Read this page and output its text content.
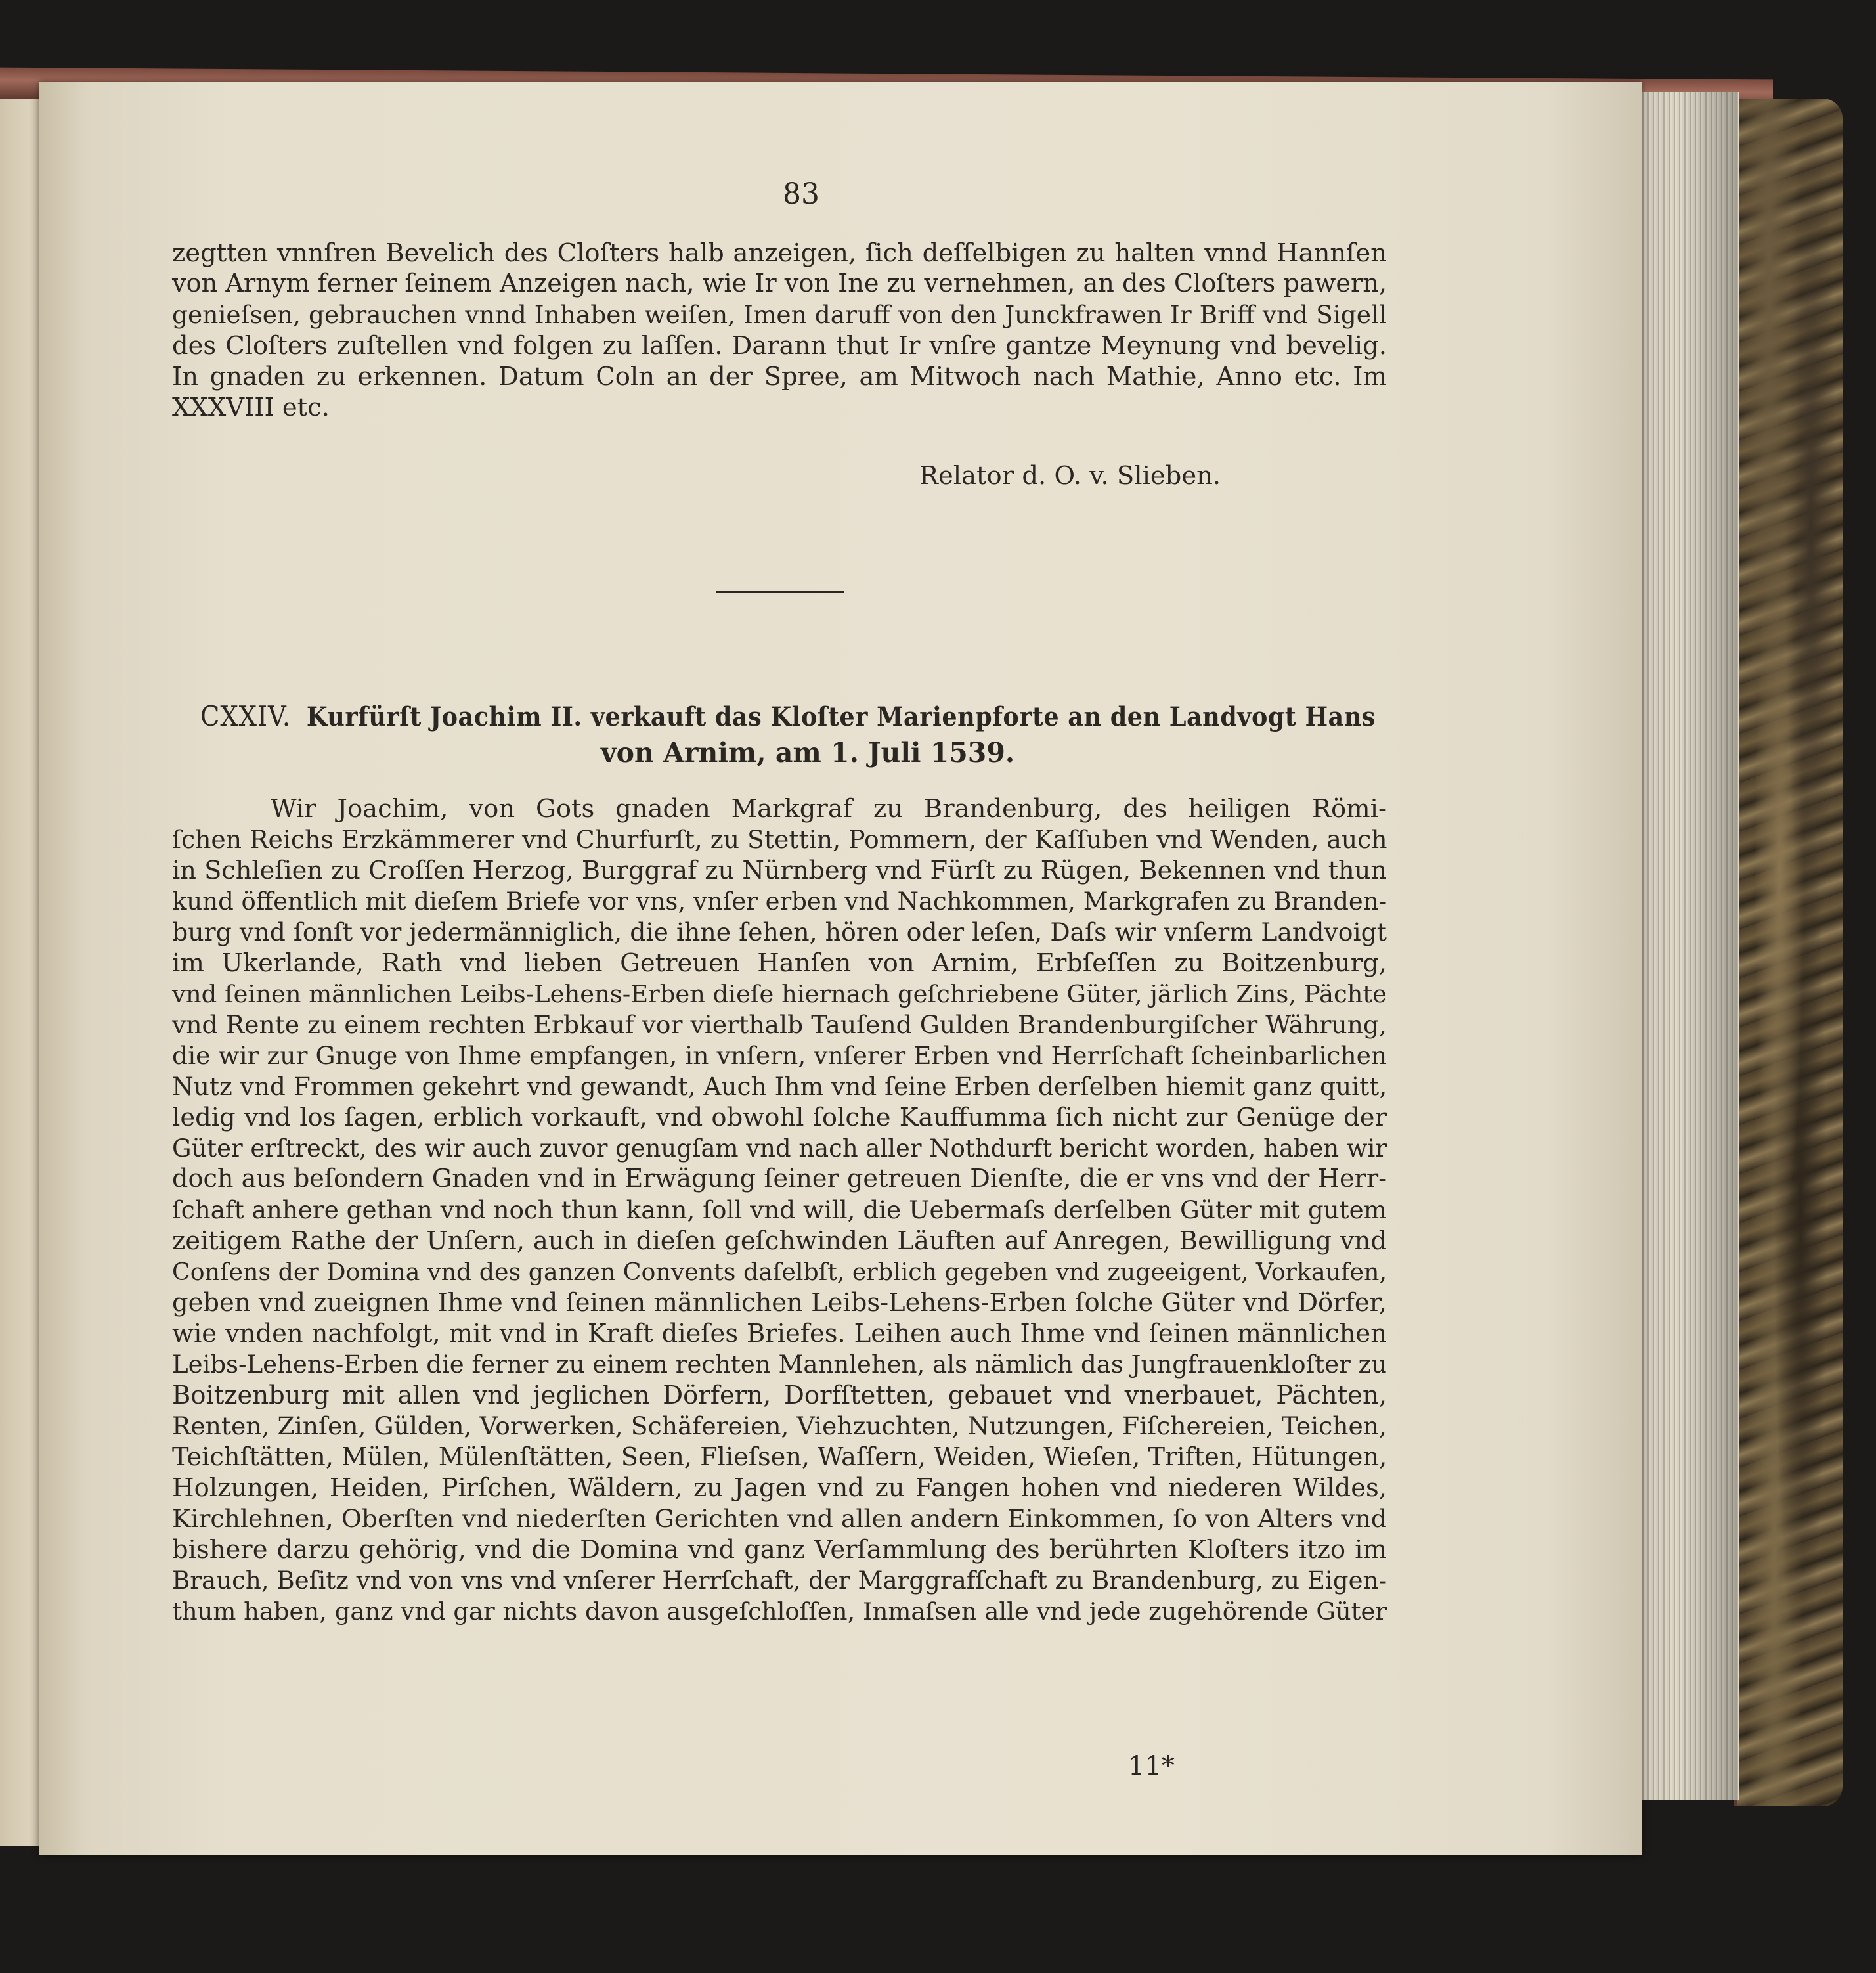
83
zegtten vnnſren Bevelich des Cloſters halb anzeigen, ſich deſſelbigen zu halten vnnd Hannſen
von Arnym ferner ſeinem Anzeigen nach, wie Ir von Ine zu vernehmen, an des Cloſters pawern,
genieſsen, gebrauchen vnnd Inhaben weiſen, Imen daruff von den Junckfrawen Ir Briff vnd Sigell
des Cloſters zuſtellen vnd folgen zu laſſen. Darann thut Ir vnſre gantze Meynung vnd bevelig.
In gnaden zu erkennen. Datum Coln an der Spree, am Mitwoch nach Mathie, Anno etc. Im
XXXVIII etc.
Relator d. O. v. Slieben.
CXXIV. Kurfürſt Joachim II. verkauft das Kloſter Marienpforte an den Landvogt Hans
von Arnim, am 1. Juli 1539.
Wir Joachim, von Gots gnaden Markgraf zu Brandenburg, des heiligen Römi-
ſchen Reichs Erzkämmerer vnd Churfurſt, zu Stettin, Pommern, der Kaſſuben vnd Wenden, auch
in Schleſien zu Croſſen Herzog, Burggraf zu Nürnberg vnd Fürſt zu Rügen, Bekennen vnd thun
kund öffentlich mit dieſem Briefe vor vns, vnſer erben vnd Nachkommen, Markgrafen zu Branden-
burg vnd ſonſt vor jedermänniglich, die ihne ſehen, hören oder leſen, Daſs wir vnſerm Landvoigt
im Ukerlande, Rath vnd lieben Getreuen Hanſen von Arnim, Erbſeſſen zu Boitzenburg,
vnd ſeinen männlichen Leibs-Lehens-Erben dieſe hiernach geſchriebene Güter, järlich Zins, Pächte
vnd Rente zu einem rechten Erbkauf vor vierthalb Tauſend Gulden Brandenburgiſcher Währung,
die wir zur Gnuge von Ihme empfangen, in vnſern, vnſerer Erben vnd Herrſchaft ſcheinbarlichen
Nutz vnd Frommen gekehrt vnd gewandt, Auch Ihm vnd ſeine Erben derſelben hiemit ganz quitt,
ledig vnd los ſagen, erblich vorkauft, vnd obwohl ſolche Kauffumma ſich nicht zur Genüge der
Güter erſtreckt, des wir auch zuvor genugſam vnd nach aller Nothdurft bericht worden, haben wir
doch aus beſondern Gnaden vnd in Erwägung ſeiner getreuen Dienſte, die er vns vnd der Herr-
ſchaft anhere gethan vnd noch thun kann, ſoll vnd will, die Uebermaſs derſelben Güter mit gutem
zeitigem Rathe der Unſern, auch in dieſen geſchwinden Läuften auf Anregen, Bewilligung vnd
Conſens der Domina vnd des ganzen Convents daſelbſt, erblich gegeben vnd zugeeigent, Vorkaufen,
geben vnd zueignen Ihme vnd ſeinen männlichen Leibs-Lehens-Erben ſolche Güter vnd Dörfer,
wie vnden nachfolgt, mit vnd in Kraft dieſes Briefes. Leihen auch Ihme vnd ſeinen männlichen
Leibs-Lehens-Erben die ferner zu einem rechten Mannlehen, als nämlich das Jungfrauenkloſter zu
Boitzenburg mit allen vnd jeglichen Dörfern, Dorfſtetten, gebauet vnd vnerbauet, Pächten,
Renten, Zinſen, Gülden, Vorwerken, Schäfereien, Viehzuchten, Nutzungen, Fiſchereien, Teichen,
Teichſtätten, Mülen, Mülenſtätten, Seen, Flieſsen, Waſſern, Weiden, Wieſen, Triften, Hütungen,
Holzungen, Heiden, Pirſchen, Wäldern, zu Jagen vnd zu Fangen hohen vnd niederen Wildes,
Kirchlehnen, Oberſten vnd niederſten Gerichten vnd allen andern Einkommen, ſo von Alters vnd
bishere darzu gehörig, vnd die Domina vnd ganz Verſammlung des berührten Kloſters itzo im
Brauch, Beſitz vnd von vns vnd vnſerer Herrſchaft, der Marggrafſchaft zu Brandenburg, zu Eigen-
thum haben, ganz vnd gar nichts davon ausgeſchloſſen, Inmaſsen alle vnd jede zugehörende Güter
11*
